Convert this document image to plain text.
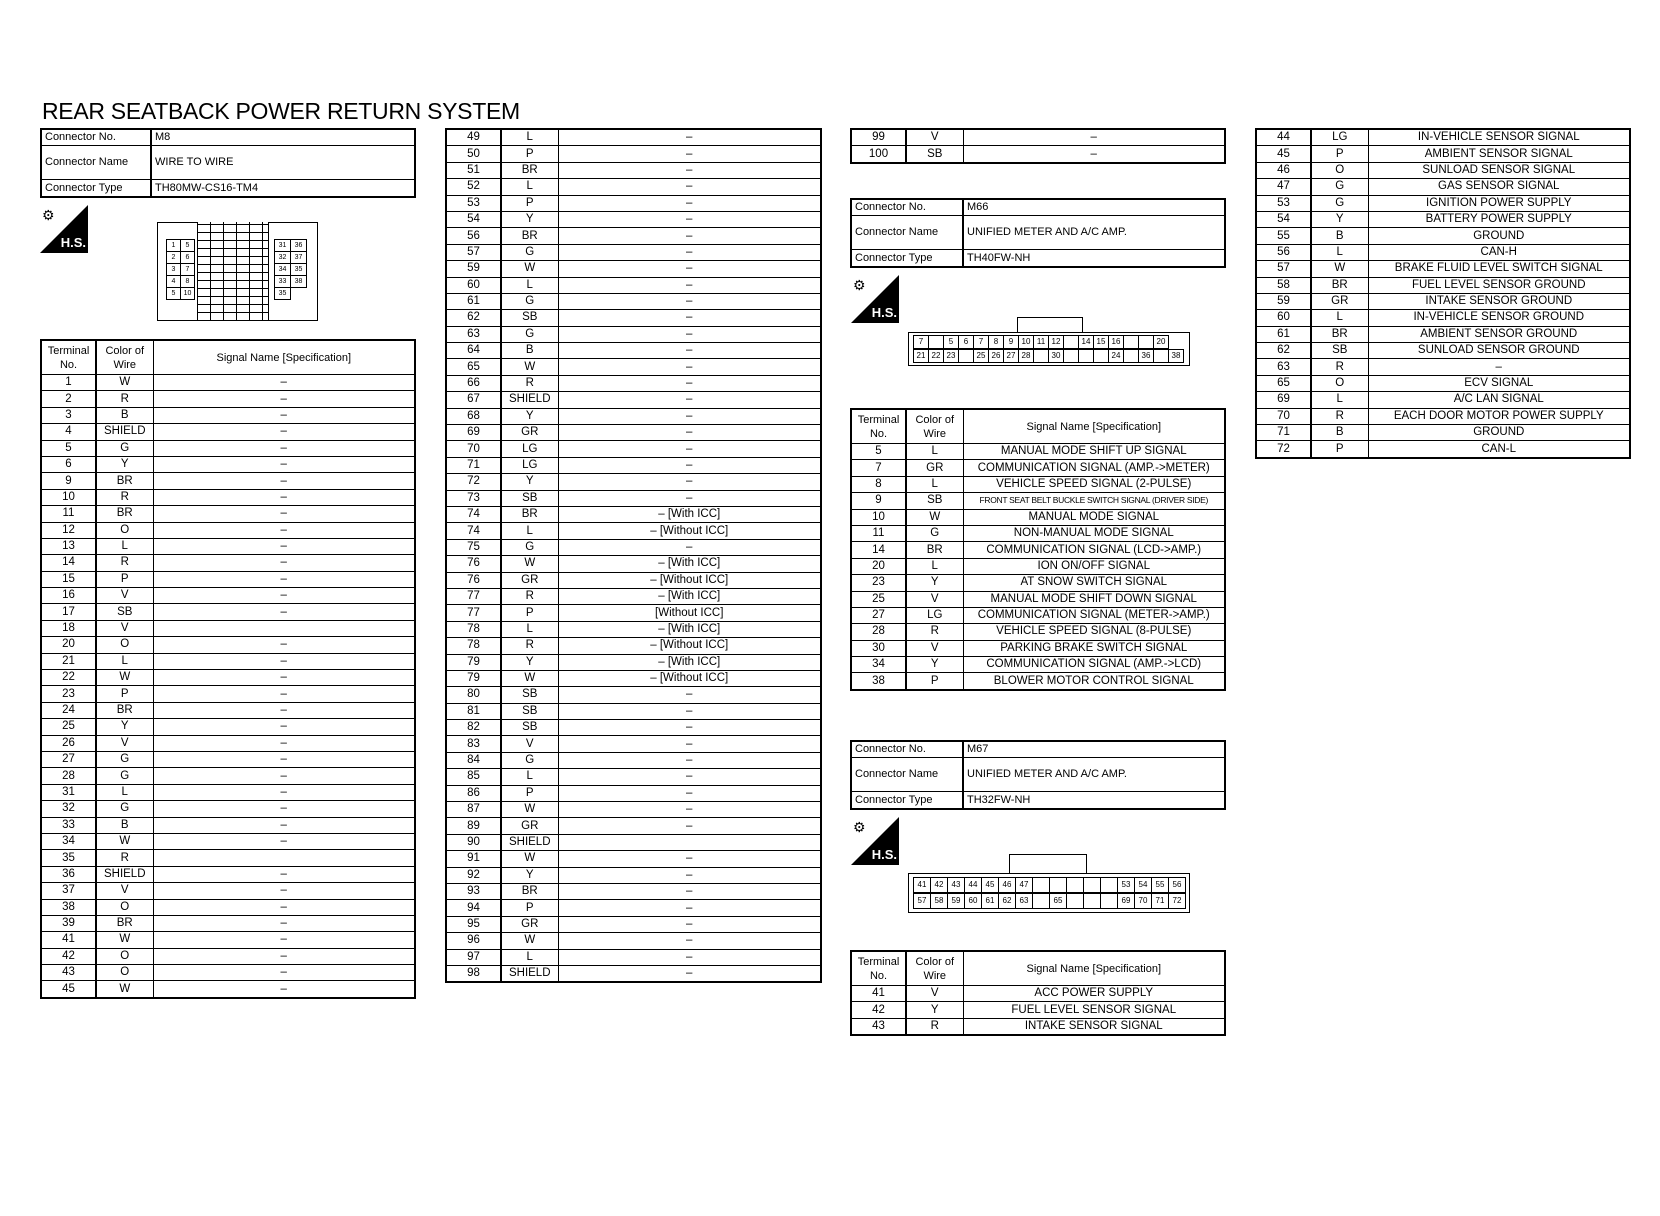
REAR SEATBACK POWER RETURN SYSTEM
Connector No.	M8
Connector Name	WIRE TO WIRE
Connector Type	TH80MW-CS16-TM4
⚙
H.S.	1	5
2	6
3	7
4	8
5	10
31	36
32	37
34	35
33	38
35
Terminal No.	Color of Wire	Signal Name [Specification]
1	W	–
2	R	–
3	B	–
4	SHIELD	–
5	G	–
6	Y	–
9	BR	–
10	R	–
11	BR	–
12	O	–
13	L	–
14	R	–
15	P	–
16	V	–
17	SB	–
18	V	
20	O	–
21	L	–
22	W	–
23	P	–
24	BR	–
25	Y	–
26	V	–
27	G	–
28	G	–
31	L	–
32	G	–
33	B	–
34	W	–
35	R	
36	SHIELD	–
37	V	–
38	O	–
39	BR	–
41	W	–
42	O	–
43	O	–
45	W	–
49	L	–
50	P	–
51	BR	–
52	L	–
53	P	–
54	Y	–
56	BR	–
57	G	–
59	W	–
60	L	–
61	G	–
62	SB	–
63	G	–
64	B	–
65	W	–
66	R	–
67	SHIELD	–
68	Y	–
69	GR	–
70	LG	–
71	LG	–
72	Y	–
73	SB	–
74	BR	– [With ICC]
74	L	– [Without ICC]
75	G	–
76	W	– [With ICC]
76	GR	– [Without ICC]
77	R	– [With ICC]
77	P	[Without ICC]
78	L	– [With ICC]
78	R	– [Without ICC]
79	Y	– [With ICC]
79	W	– [Without ICC]
80	SB	–
81	SB	–
82	SB	–
83	V	–
84	G	–
85	L	–
86	P	–
87	W	–
89	GR	–
90	SHIELD	
91	W	–
92	Y	–
93	BR	–
94	P	–
95	GR	–
96	W	–
97	L	–
98	SHIELD	–
99	V	–
100	SB	–
Connector No.	M66
Connector Name	UNIFIED METER AND A/C AMP.
Connector Type	TH40FW-NH
⚙
H.S.
7	5	6	7	8	9	10 11 12	14 15 16	20
21 22 23	25 26 27 28	30	24	36	38
Terminal No.	Color of Wire	Signal Name [Specification]
5	L	MANUAL MODE SHIFT UP SIGNAL
7	GR	COMMUNICATION SIGNAL (AMP.->METER)
8	L	VEHICLE SPEED SIGNAL (2-PULSE)
9	SB	FRONT SEAT BELT BUCKLE SWITCH SIGNAL (DRIVER SIDE)
10	W	MANUAL MODE SIGNAL
11	G	NON-MANUAL MODE SIGNAL
14	BR	COMMUNICATION SIGNAL (LCD->AMP.)
20	L	ION ON/OFF SIGNAL
23	Y	AT SNOW SWITCH SIGNAL
25	V	MANUAL MODE SHIFT DOWN SIGNAL
27	LG	COMMUNICATION SIGNAL (METER->AMP.)
28	R	VEHICLE SPEED SIGNAL (8-PULSE)
30	V	PARKING BRAKE SWITCH SIGNAL
34	Y	COMMUNICATION SIGNAL (AMP.->LCD)
38	P	BLOWER MOTOR CONTROL SIGNAL
Connector No.	M67
Connector Name	UNIFIED METER AND A/C AMP.
Connector Type	TH32FW-NH
⚙
H.S.
41	42	43	44	45	46	47	53	54	55	56
57	58	59	60	61	62	63	65	69	70	71	72
Terminal No.	Color of Wire	Signal Name [Specification]
41	V	ACC POWER SUPPLY
42	Y	FUEL LEVEL SENSOR SIGNAL
43	R	INTAKE SENSOR SIGNAL
44	LG	IN-VEHICLE SENSOR SIGNAL
45	P	AMBIENT SENSOR SIGNAL
46	O	SUNLOAD SENSOR SIGNAL
47	G	GAS SENSOR SIGNAL
53	G	IGNITION POWER SUPPLY
54	Y	BATTERY POWER SUPPLY
55	B	GROUND
56	L	CAN-H
57	W	BRAKE FLUID LEVEL SWITCH SIGNAL
58	BR	FUEL LEVEL SENSOR GROUND
59	GR	INTAKE SENSOR GROUND
60	L	IN-VEHICLE SENSOR GROUND
61	BR	AMBIENT SENSOR GROUND
62	SB	SUNLOAD SENSOR GROUND
63	R	–
65	O	ECV SIGNAL
69	L	A/C LAN SIGNAL
70	R	EACH DOOR MOTOR POWER SUPPLY
71	B	GROUND
72	P	CAN-L
